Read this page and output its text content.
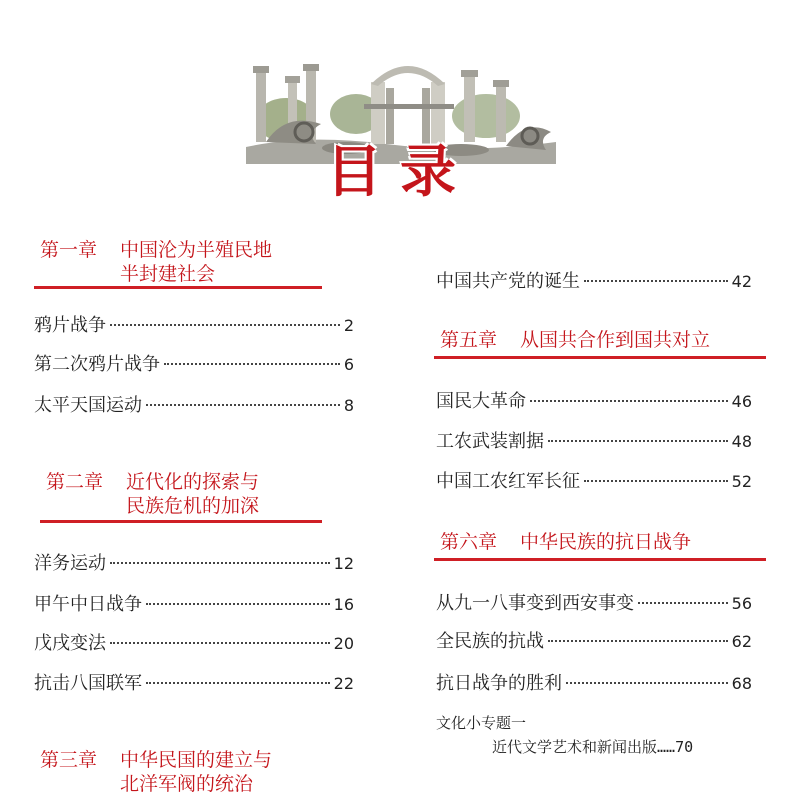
目录
第一章 中国沦为半殖民地
半封建社会
第二章 近代化的探索与
民族危机的加深
第三章 中华民国的建立与
北洋军阀的统治
第五章 从国共合作到国共对立
第六章 中华民族的抗日战争
鸦片战争	2
第二次鸦片战争	6
太平天国运动	8
洋务运动	12
甲午中日战争	16
戊戌变法	20
抗击八国联军	22
中国共产党的诞生	42
国民大革命	46
工农武装割据	48
中国工农红军长征	52
从九一八事变到西安事变	56
全民族的抗战	62
抗日战争的胜利	68
文化小专题一
近代文学艺术和新闻出版……70
